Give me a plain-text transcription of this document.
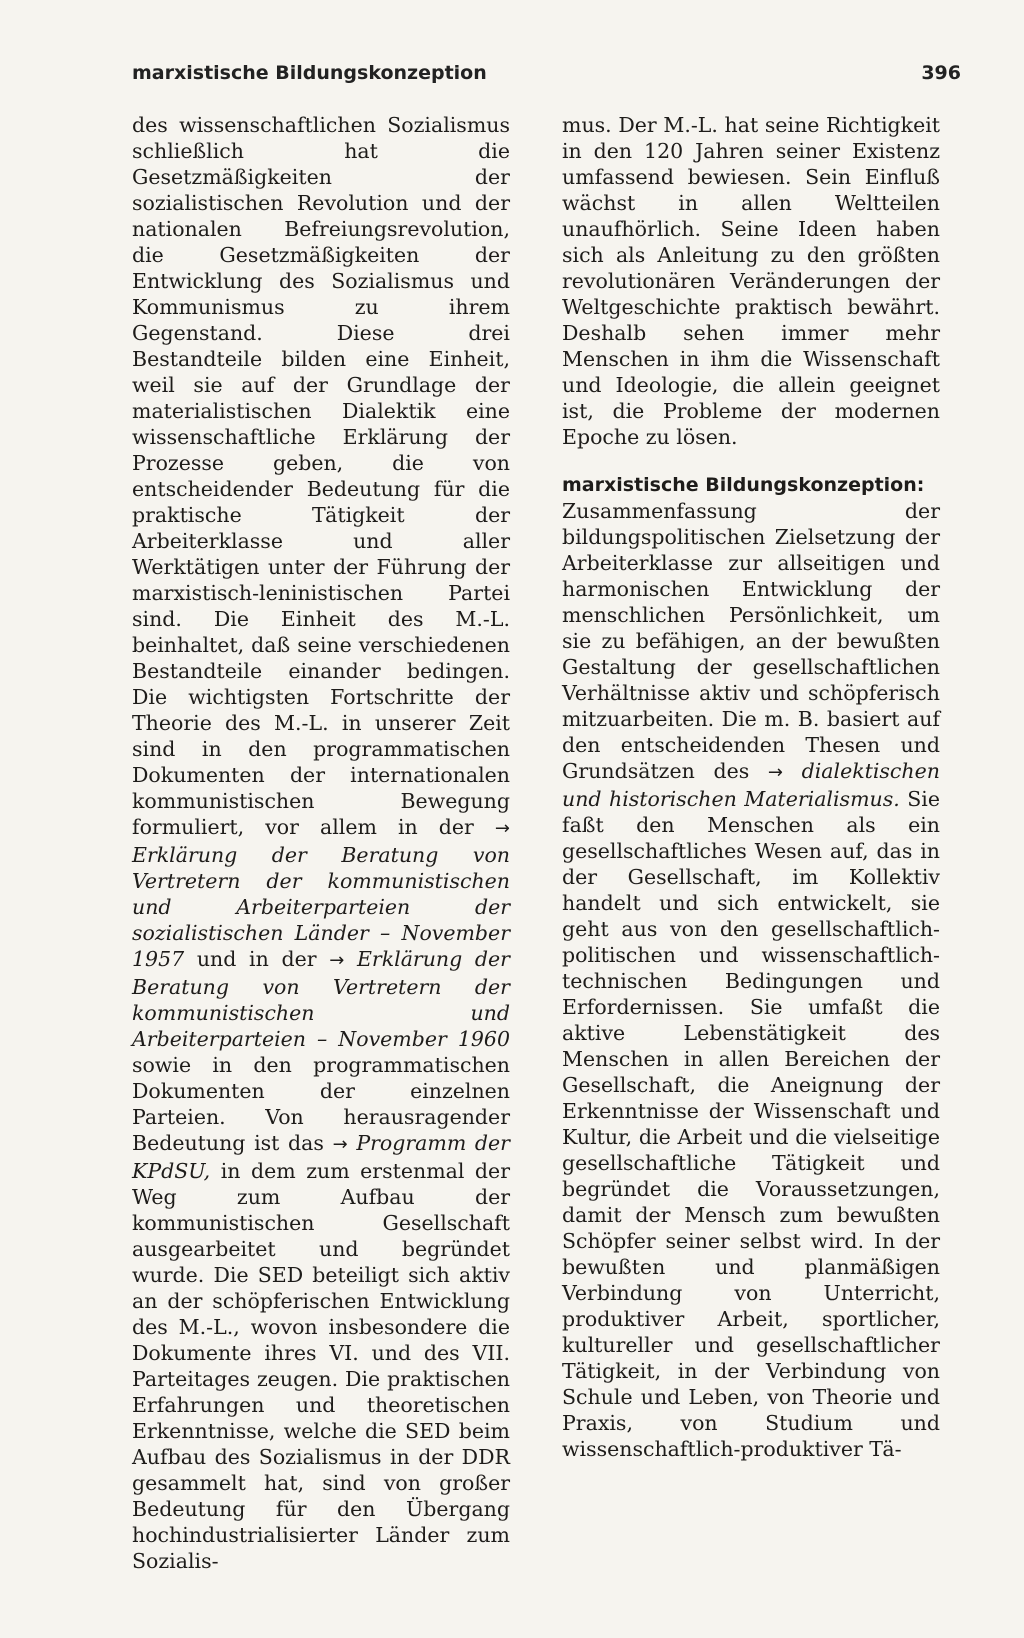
marxistische Bildungskonzeption	396

des wissenschaftlichen Sozialismus schließlich hat die Gesetzmäßigkeiten der sozialistischen Revolution und der nationalen Befreiungsrevolution, die Gesetzmäßigkeiten der Entwicklung des Sozialismus und Kommunismus zu ihrem Gegenstand. Diese drei Bestandteile bilden eine Einheit, weil sie auf der Grundlage der materialistischen Dialektik eine wissenschaftliche Erklärung der Prozesse geben, die von entscheidender Bedeutung für die praktische Tätigkeit der Arbeiterklasse und aller Werktätigen unter der Führung der marxistisch-leninistischen Partei sind. Die Einheit des M.-L. beinhaltet, daß seine verschiedenen Bestandteile einander bedingen. Die wichtigsten Fortschritte der Theorie des M.-L. in unserer Zeit sind in den programmatischen Dokumenten der internationalen kommunistischen Bewegung formuliert, vor allem in der → Erklärung der Beratung von Vertretern der kommunistischen und Arbeiterparteien der sozialistischen Länder – November 1957 und in der → Erklärung der Beratung von Vertretern der kommunistischen und Arbeiterparteien – November 1960 sowie in den programmatischen Dokumenten der einzelnen Parteien. Von herausragender Bedeutung ist das → Programm der KPdSU, in dem zum erstenmal der Weg zum Aufbau der kommunistischen Gesellschaft ausgearbeitet und begründet wurde. Die SED beteiligt sich aktiv an der schöpferischen Entwicklung des M.-L., wovon insbesondere die Dokumente ihres VI. und des VII. Parteitages zeugen. Die praktischen Erfahrungen und theoretischen Erkenntnisse, welche die SED beim Aufbau des Sozialismus in der DDR gesammelt hat, sind von großer Bedeutung für den Übergang hochindustrialisierter Länder zum Sozialis-

mus. Der M.-L. hat seine Richtigkeit in den 120 Jahren seiner Existenz umfassend bewiesen. Sein Einfluß wächst in allen Weltteilen unaufhörlich. Seine Ideen haben sich als Anleitung zu den größten revolutionären Veränderungen der Weltgeschichte praktisch bewährt. Deshalb sehen immer mehr Menschen in ihm die Wissenschaft und Ideologie, die allein geeignet ist, die Probleme der modernen Epoche zu lösen.

marxistische Bildungskonzeption:
Zusammenfassung der bildungspolitischen Zielsetzung der Arbeiterklasse zur allseitigen und harmonischen Entwicklung der menschlichen Persönlichkeit, um sie zu befähigen, an der bewußten Gestaltung der gesellschaftlichen Verhältnisse aktiv und schöpferisch mitzuarbeiten. Die m. B. basiert auf den entscheidenden Thesen und Grundsätzen des → dialektischen und historischen Materialismus. Sie faßt den Menschen als ein gesellschaftliches Wesen auf, das in der Gesellschaft, im Kollektiv handelt und sich entwickelt, sie geht aus von den gesellschaftlich-politischen und wissenschaftlich-technischen Bedingungen und Erfordernissen. Sie umfaßt die aktive Lebenstätigkeit des Menschen in allen Bereichen der Gesellschaft, die Aneignung der Erkenntnisse der Wissenschaft und Kultur, die Arbeit und die vielseitige gesellschaftliche Tätigkeit und begründet die Voraussetzungen, damit der Mensch zum bewußten Schöpfer seiner selbst wird. In der bewußten und planmäßigen Verbindung von Unterricht, produktiver Arbeit, sportlicher, kultureller und gesellschaftlicher Tätigkeit, in der Verbindung von Schule und Leben, von Theorie und Praxis, von Studium und wissenschaftlich-produktiver Tä-
